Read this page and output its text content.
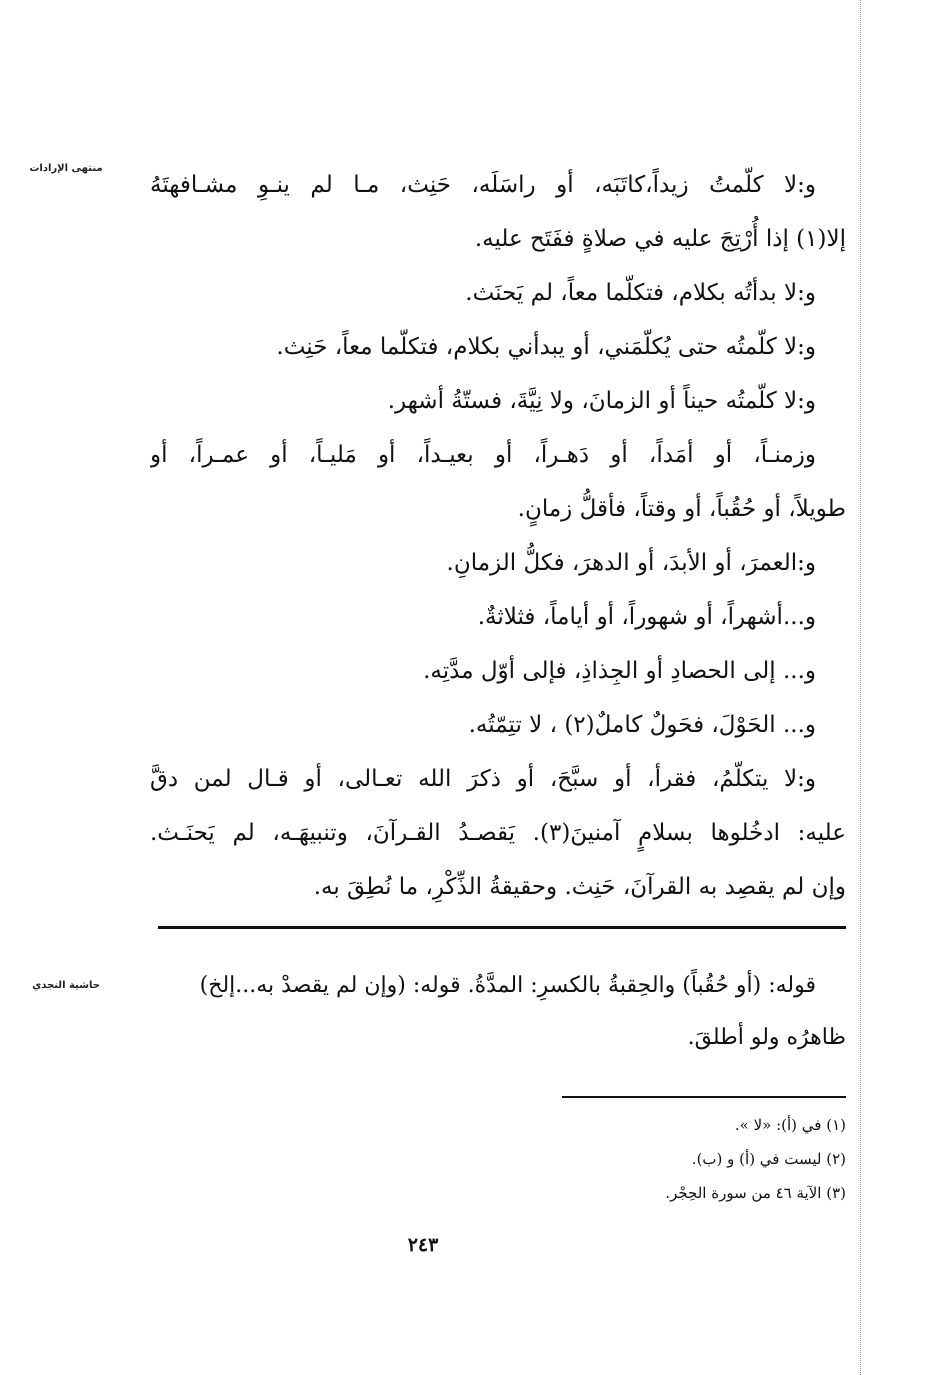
منتهى الإرادات
حاشية النجدي
و:لا كلّمتُ زيداً،كاتَبَه، أو راسَلَه، حَنِث، مـا لم ينـوِ مشـافهتَهُ
إلا(١) إذا أُرْتِجَ عليه في صلاةٍ ففَتَح عليه.
و:لا بدأتُه بكلام، فتكلّما معاً، لم يَحنَث.
و:لا كلّمتُه حتى يُكلّمَني، أو يبدأني بكلام، فتكلّما معاً، حَنِث.
و:لا كلّمتُه حيناً أو الزمانَ، ولا نِيَّةَ، فستّةُ أشهر.
وزمنـاً، أو أمَداً، أو دَهـراً، أو بعيـداً، أو مَليـاً، أو عمـراً، أو
طويلاً، أو حُقُباً، أو وقتاً، فأقلُّ زمانٍ.
و:العمرَ، أو الأبدَ، أو الدهرَ، فكلُّ الزمانِ.
و...أشهراً، أو شهوراً، أو أياماً، فثلاثةٌ.
و... إلى الحصادِ أو الجِذاذِ، فإلى أوّل مدَّتِه.
و... الحَوْلَ، فحَولٌ كاملٌ(٢) ، لا تتِمّتُه.
و:لا يتكلّمُ، فقرأ، أو سبَّحَ، أو ذكرَ الله تعـالى، أو قـال لمن دقَّ
عليه: ادخُلوها بسلامٍ آمنينَ(٣). يَقصـدُ القـرآنَ، وتنبيهَـه، لم يَحنَـث.
وإن لم يقصِد به القرآنَ، حَنِث. وحقيقةُ الذِّكْرِ، ما نُطِقَ به.
قوله: (أو حُقُباً) والحِقبةُ بالكسرِ: المدَّةُ. قوله: (وإن لم يقصدْ به...إلخ)
ظاهرُه ولو أطلقَ.
(١) في (أ): «لا ».
(٢) ليست في (أ) و (ب).
(٣) الآية ٤٦ من سورة الحِجْر.
٢٤٣
